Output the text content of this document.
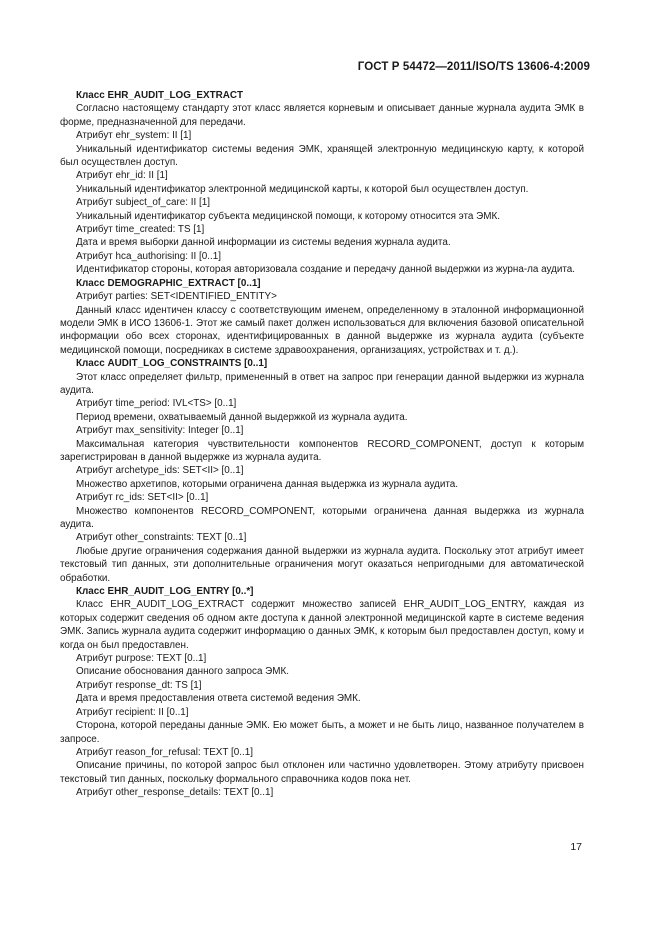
ГОСТ Р 54472—2011/ISO/TS 13606-4:2009

Класс EHR_AUDIT_LOG_EXTRACT

Согласно настоящему стандарту этот класс является корневым и описывает данные журнала аудита ЭМК в форме, предназначенной для передачи.

Атрибут ehr_system: II [1]

Уникальный идентификатор системы ведения ЭМК, хранящей электронную медицинскую карту, к которой был осуществлен доступ.

Атрибут ehr_id: II [1]

Уникальный идентификатор электронной медицинской карты, к которой был осуществлен доступ.

Атрибут subject_of_care: II [1]

Уникальный идентификатор субъекта медицинской помощи, к которому относится эта ЭМК.

Атрибут time_created: TS [1]

Дата и время выборки данной информации из системы ведения журнала аудита.

Атрибут hca_authorising: II [0..1]

Идентификатор стороны, которая авторизовала создание и передачу данной выдержки из журна-ла аудита.

Класс DEMOGRAPHIC_EXTRACT [0..1]

Атрибут parties: SET<IDENTIFIED_ENTITY>

Данный класс идентичен классу с соответствующим именем, определенному в эталонной информационной модели ЭМК в ИСО 13606-1. Этот же самый пакет должен использоваться для включения базовой описательной информации обо всех сторонах, идентифицированных в данной выдержке из журнала аудита (субъекте медицинской помощи, посредниках в системе здравоохранения, организациях, устройствах и т. д.).

Класс AUDIT_LOG_CONSTRAINTS [0..1]

Этот класс определяет фильтр, примененный в ответ на запрос при генерации данной выдержки из журнала аудита.

Атрибут time_period: IVL<TS> [0..1]

Период времени, охватываемый данной выдержкой из журнала аудита.

Атрибут max_sensitivity: Integer [0..1]

Максимальная категория чувствительности компонентов RECORD_COMPONENT, доступ к которым зарегистрирован в данной выдержке из журнала аудита.

Атрибут archetype_ids: SET<II> [0..1]

Множество архетипов, которыми ограничена данная выдержка из журнала аудита.

Атрибут rc_ids: SET<II> [0..1]

Множество компонентов RECORD_COMPONENT, которыми ограничена данная выдержка из журнала аудита.

Атрибут other_constraints: TEXT [0..1]

Любые другие ограничения содержания данной выдержки из журнала аудита. Поскольку этот атрибут имеет текстовый тип данных, эти дополнительные ограничения могут оказаться непригодными для автоматической обработки.

Класс EHR_AUDIT_LOG_ENTRY [0..*]

Класс EHR_AUDIT_LOG_EXTRACT содержит множество записей EHR_AUDIT_LOG_ENTRY, каждая из которых содержит сведения об одном акте доступа к данной электронной медицинской карте в системе ведения ЭМК. Запись журнала аудита содержит информацию о данных ЭМК, к которым был предоставлен доступ, кому и когда он был предоставлен.

Атрибут purpose: TEXT [0..1]

Описание обоснования данного запроса ЭМК.

Атрибут response_dt: TS [1]

Дата и время предоставления ответа системой ведения ЭМК.

Атрибут recipient: II [0..1]

Сторона, которой переданы данные ЭМК. Ею может быть, а может и не быть лицо, названное получателем в запросе.

Атрибут reason_for_refusal: TEXT [0..1]

Описание причины, по которой запрос был отклонен или частично удовлетворен. Этому атрибуту присвоен текстовый тип данных, поскольку формального справочника кодов пока нет.

Атрибут other_response_details: TEXT [0..1]

17
